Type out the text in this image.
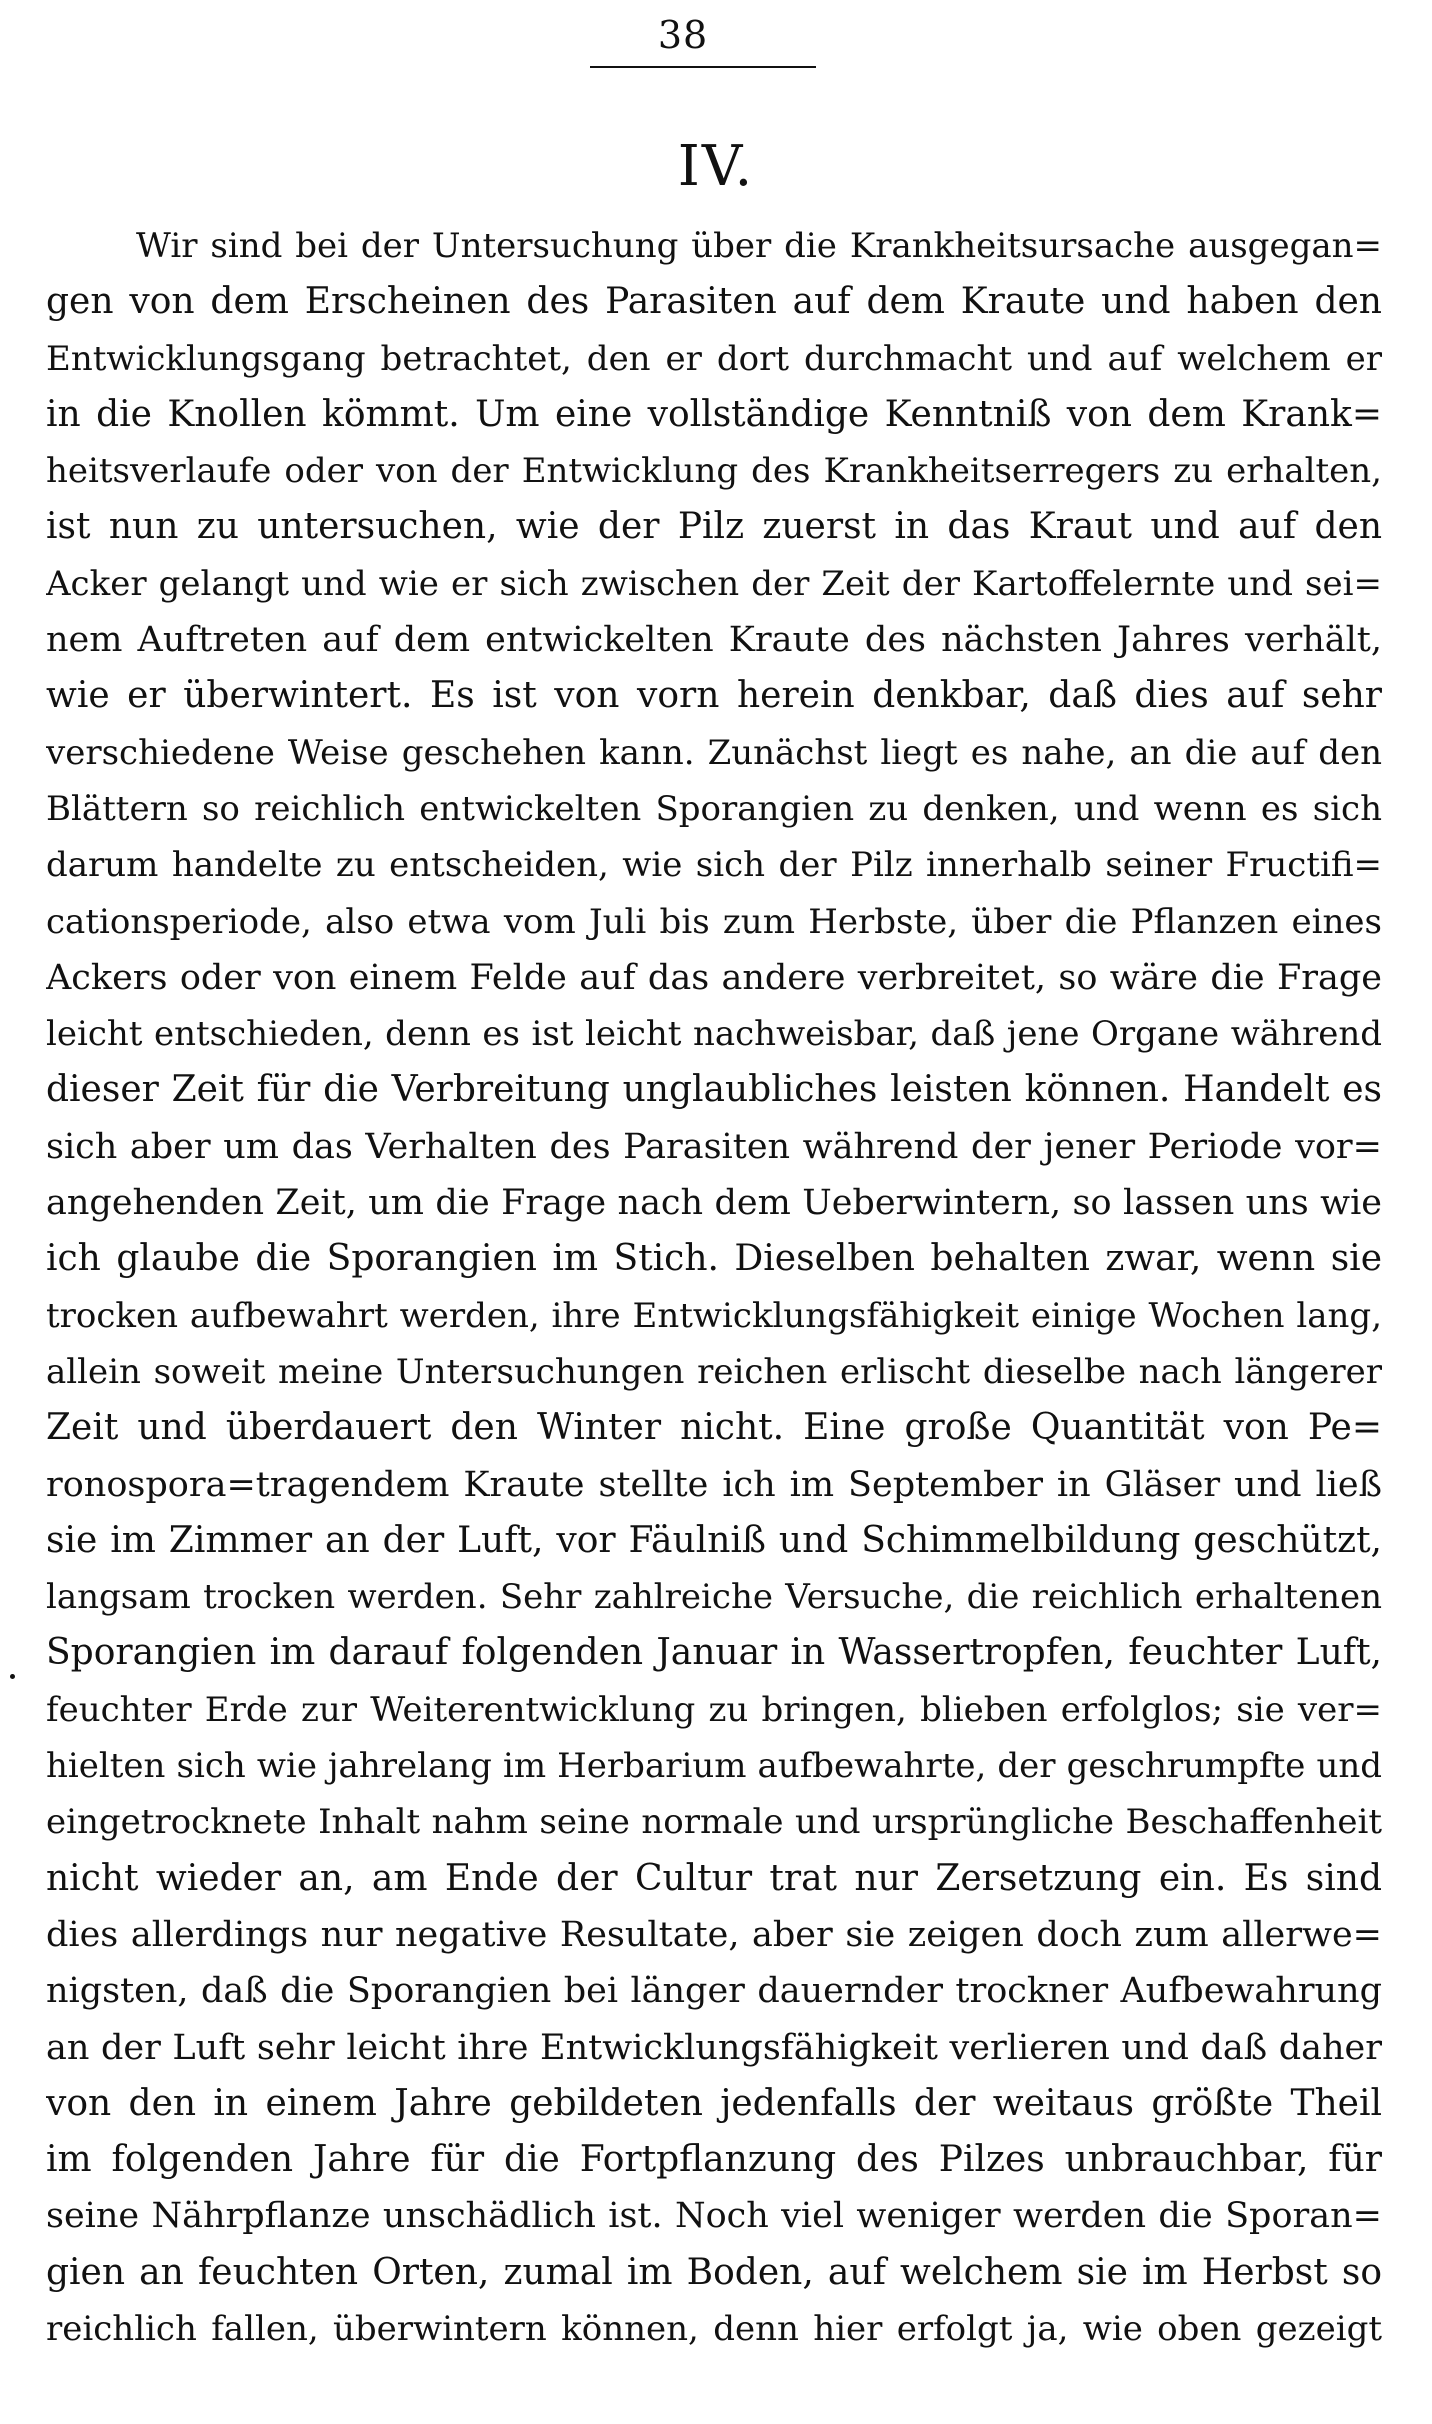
38
IV.
Wir sind bei der Untersuchung über die Krankheitsursache ausgegan=
gen von dem Erscheinen des Parasiten auf dem Kraute und haben den
Entwicklungsgang betrachtet, den er dort durchmacht und auf welchem er
in die Knollen kömmt. Um eine vollständige Kenntniß von dem Krank=
heitsverlaufe oder von der Entwicklung des Krankheitserregers zu erhalten,
ist nun zu untersuchen, wie der Pilz zuerst in das Kraut und auf den
Acker gelangt und wie er sich zwischen der Zeit der Kartoffelernte und sei=
nem Auftreten auf dem entwickelten Kraute des nächsten Jahres verhält,
wie er überwintert. Es ist von vorn herein denkbar, daß dies auf sehr
verschiedene Weise geschehen kann. Zunächst liegt es nahe, an die auf den
Blättern so reichlich entwickelten Sporangien zu denken, und wenn es sich
darum handelte zu entscheiden, wie sich der Pilz innerhalb seiner Fructifi=
cationsperiode, also etwa vom Juli bis zum Herbste, über die Pflanzen eines
Ackers oder von einem Felde auf das andere verbreitet, so wäre die Frage
leicht entschieden, denn es ist leicht nachweisbar, daß jene Organe während
dieser Zeit für die Verbreitung unglaubliches leisten können. Handelt es
sich aber um das Verhalten des Parasiten während der jener Periode vor=
angehenden Zeit, um die Frage nach dem Ueberwintern, so lassen uns wie
ich glaube die Sporangien im Stich. Dieselben behalten zwar, wenn sie
trocken aufbewahrt werden, ihre Entwicklungsfähigkeit einige Wochen lang,
allein soweit meine Untersuchungen reichen erlischt dieselbe nach längerer
Zeit und überdauert den Winter nicht. Eine große Quantität von Pe=
ronospora=tragendem Kraute stellte ich im September in Gläser und ließ
sie im Zimmer an der Luft, vor Fäulniß und Schimmelbildung geschützt,
langsam trocken werden. Sehr zahlreiche Versuche, die reichlich erhaltenen
Sporangien im darauf folgenden Januar in Wassertropfen, feuchter Luft,
feuchter Erde zur Weiterentwicklung zu bringen, blieben erfolglos; sie ver=
hielten sich wie jahrelang im Herbarium aufbewahrte, der geschrumpfte und
eingetrocknete Inhalt nahm seine normale und ursprüngliche Beschaffenheit
nicht wieder an, am Ende der Cultur trat nur Zersetzung ein. Es sind
dies allerdings nur negative Resultate, aber sie zeigen doch zum allerwe=
nigsten, daß die Sporangien bei länger dauernder trockner Aufbewahrung
an der Luft sehr leicht ihre Entwicklungsfähigkeit verlieren und daß daher
von den in einem Jahre gebildeten jedenfalls der weitaus größte Theil
im folgenden Jahre für die Fortpflanzung des Pilzes unbrauchbar, für
seine Nährpflanze unschädlich ist. Noch viel weniger werden die Sporan=
gien an feuchten Orten, zumal im Boden, auf welchem sie im Herbst so
reichlich fallen, überwintern können, denn hier erfolgt ja, wie oben gezeigt
